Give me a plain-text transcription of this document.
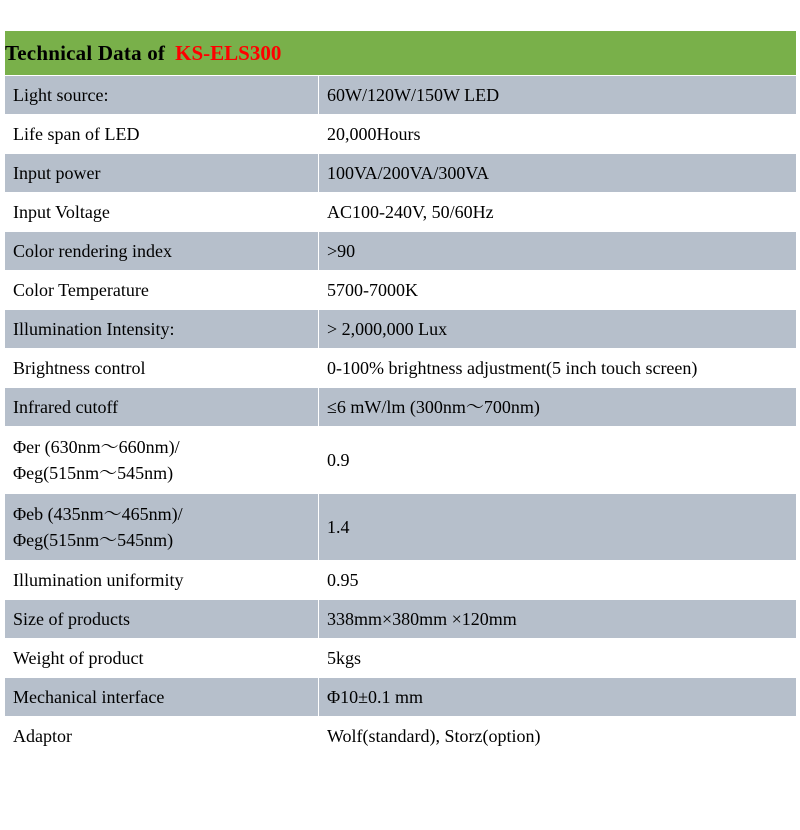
Technical Data of KS-ELS300	
Light source:	60W/120W/150W LED
Life span of LED	20,000Hours
Input power	100VA/200VA/300VA
Input Voltage	AC100-240V, 50/60Hz
Color rendering index	>90
Color Temperature	5700-7000K
Illumination Intensity:	> 2,000,000 Lux
Brightness control	0-100% brightness adjustment(5 inch touch screen)
Infrared cutoff	≤6 mW/lm (300nm～700nm)

Φer (630nm～660nm)/
Φeg(515nm～545nm)	0.9

Φeb (435nm～465nm)/
Φeg(515nm～545nm)	1.4
Illumination uniformity	0.95
Size of products	338mm×380mm ×120mm
Weight of product	5kgs
Mechanical interface	Φ10±0.1 mm
Adaptor	Wolf(standard), Storz(option)
